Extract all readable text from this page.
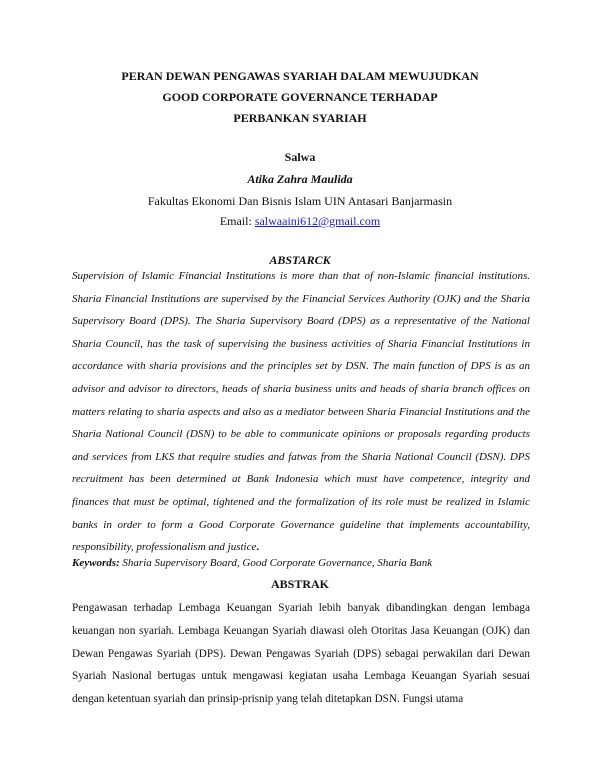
PERAN DEWAN PENGAWAS SYARIAH DALAM MEWUJUDKAN
GOOD CORPORATE GOVERNANCE TERHADAP
PERBANKAN SYARIAH
Salwa
Atika Zahra Maulida
Fakultas Ekonomi Dan Bisnis Islam UIN Antasari Banjarmasin
Email: salwaaini612@gmail.com
ABSTARCK
Supervision of Islamic Financial Institutions is more than that of non-Islamic financial institutions. Sharia Financial Institutions are supervised by the Financial Services Authority (OJK) and the Sharia Supervisory Board (DPS). The Sharia Supervisory Board (DPS) as a representative of the National Sharia Council, has the task of supervising the business activities of Sharia Financial Institutions in accordance with sharia provisions and the principles set by DSN. The main function of DPS is as an advisor and advisor to directors, heads of sharia business units and heads of sharia branch offices on matters relating to sharia aspects and also as a mediator between Sharia Financial Institutions and the Sharia National Council (DSN) to be able to communicate opinions or proposals regarding products and services from LKS that require studies and fatwas from the Sharia National Council (DSN). DPS recruitment has been determined at Bank Indonesia which must have competence, integrity and finances that must be optimal, tightened and the formalization of its role must be realized in Islamic banks in order to form a Good Corporate Governance guideline that implements accountability, responsibility, professionalism and justice.
Keywords: Sharia Supervisory Board, Good Corporate Governance, Sharia Bank
ABSTRAK
Pengawasan terhadap Lembaga Keuangan Syariah lebih banyak dibandingkan dengan lembaga keuangan non syariah. Lembaga Keuangan Syariah diawasi oleh Otoritas Jasa Keuangan (OJK) dan Dewan Pengawas Syariah (DPS). Dewan Pengawas Syariah (DPS) sebagai perwakilan dari Dewan Syariah Nasional bertugas untuk mengawasi kegiatan usaha Lembaga Keuangan Syariah sesuai dengan ketentuan syariah dan prinsip-prisnip yang telah ditetapkan DSN. Fungsi utama
